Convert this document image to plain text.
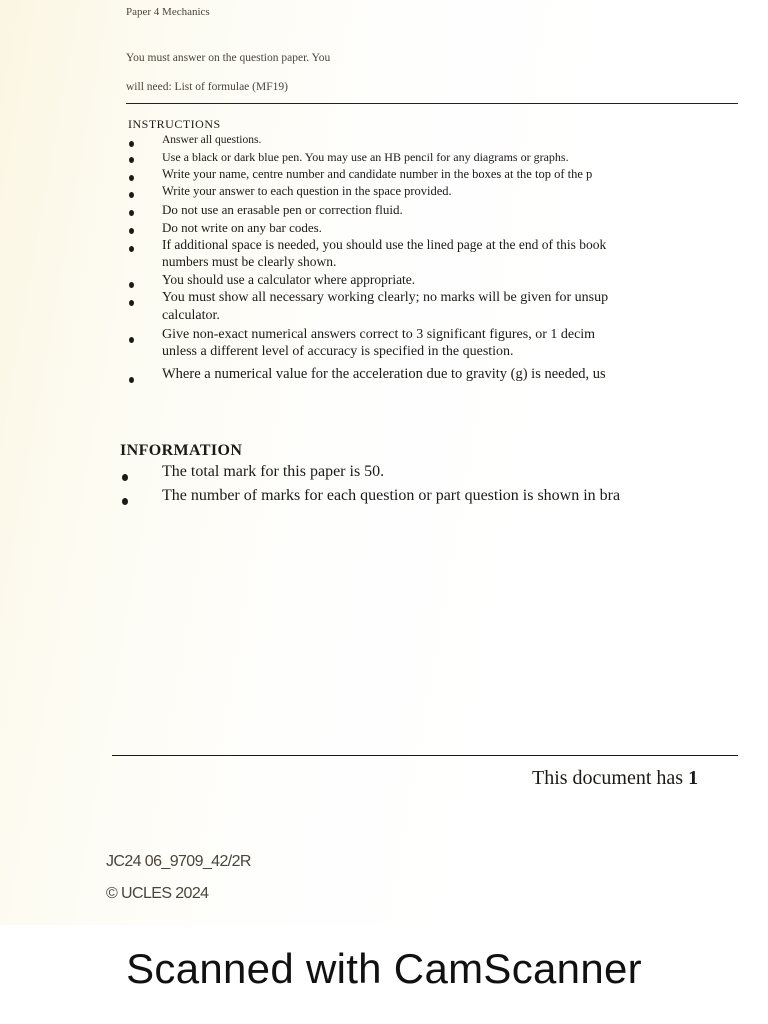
Paper 4 Mechanics
You must answer on the question paper. You
will need: List of formulae (MF19)
INSTRUCTIONS
Answer all questions.
Use a black or dark blue pen. You may use an HB pencil for any diagrams or graphs.
Write your name, centre number and candidate number in the boxes at the top of the p
Write your answer to each question in the space provided.
Do not use an erasable pen or correction fluid.
Do not write on any bar codes.
If additional space is needed, you should use the lined page at the end of this book
numbers must be clearly shown.
You should use a calculator where appropriate.
You must show all necessary working clearly; no marks will be given for unsup
calculator.
Give non-exact numerical answers correct to 3 significant figures, or 1 decim
unless a different level of accuracy is specified in the question.
Where a numerical value for the acceleration due to gravity (g) is needed, us
INFORMATION
The total mark for this paper is 50.
The number of marks for each question or part question is shown in bra
This document has 1
JC24 06_9709_42/2R
© UCLES 2024
Scanned with CamScanner
